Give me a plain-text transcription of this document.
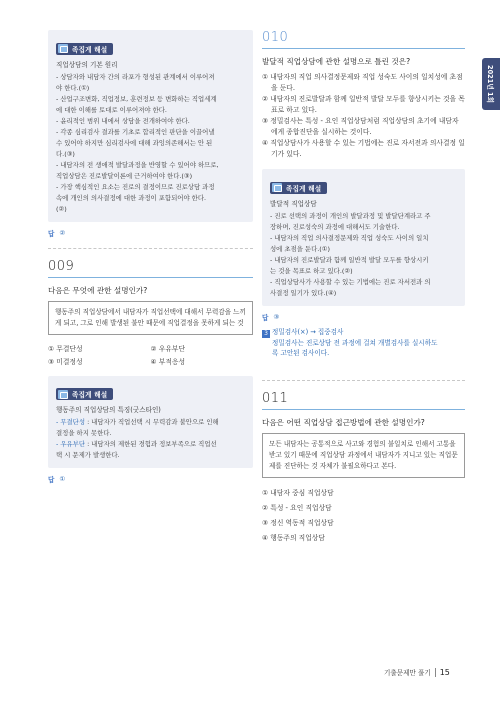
족집게 해설
직업상담의 기본 원리
- 상담자와 내담자 간의 라포가 형성된 관계에서 이루어져
야 한다.(①)
- 산업구조변화, 직업정보, 훈련정보 등 변화하는 직업세계
에 대한 이해를 토대로 이루어져야 한다.
- 윤리적인 범위 내에서 상담을 전개하여야 한다.
- 각종 심리검사 결과를 기초로 합리적인 판단을 이끌어낼
수 있어야 하지만 심리검사에 대해 과잉의존해서는 안 된
다.(③)
- 내담자의 전 생애적 발달과정을 반영할 수 있어야 하므로,
직업상담은 진로발달이론에 근거하여야 한다.(③)
- 가장 핵심적인 요소는 진로의 결정이므로 진로상담 과정
속에 개인의 의사결정에 대한 과정이 포함되어야 한다.
(②)
답 ②
009
다음은 무엇에 관한 설명인가?
행동주의 직업상담에서 내담자가 직업선택에 대해서 무력감을 느끼게 되고, 그로 인해 발생된 불안 때문에 직업결정을 못하게 되는 것
① 무결단성	② 우유부단
③ 미결정성	④ 부적응성
족집게 해설
행동주의 직업상담의 특징(굿스타인)
- 무결단성 : 내담자가 직업선택 시 무력감과 불안으로 인해
결정을 하지 못한다.
- 우유부단 : 내담자의 제한된 경험과 정보부족으로 직업선
택 시 문제가 발생한다.
답 ①
010
발달적 직업상담에 관한 설명으로 틀린 것은?
① 내담자의 직업 의사결정문제와 직업 성숙도 사이의 일치성에 초점을 둔다.
② 내담자의 진로발달과 함께 일반적 발달 모두를 향상시키는 것을 목표로 하고 있다.
③ 정밀검사는 특성 - 요인 직업상담처럼 직업상담의 초기에 내담자에게 종합진단을 실시하는 것이다.
④ 직업상담사가 사용할 수 있는 기법에는 진로 자서전과 의사결정 일기가 있다.
족집게 해설
발달적 직업상담
- 진로 선택의 과정이 개인의 발달과정 및 발달단계라고 주
장하며, 진로성숙의 과정에 대해서도 기술한다.
- 내담자의 직업 의사결정문제와 직업 성숙도 사이의 일치
성에 초점을 둔다.(①)
- 내담자의 진로발달과 함께 일반적 발달 모두를 향상시키
는 것을 목표로 하고 있다.(②)
- 직업상담사가 사용할 수 있는 기법에는 진로 자서전과 의
사결정 일기가 있다.(④)
답 ③
3 정밀검사(×) → 집중검사
정밀검사는 진로상담 전 과정에 걸쳐 개별검사를 실시하도
록 고안된 검사이다.
011
다음은 어떤 직업상담 접근방법에 관한 설명인가?
모든 내담자는 공통적으로 사고와 경험의 불일치로 인해서 고통을 받고 있기 때문에 직업상담 과정에서 내담자가 지니고 있는 직업문제를 진단하는 것 자체가 불필요하다고 본다.
① 내담자 중심 직업상담
② 특성 - 요인 직업상담
③ 정신 역동적 직업상담
④ 행동주의 직업상담
2021년 1회
기출문제만 풀기 15
